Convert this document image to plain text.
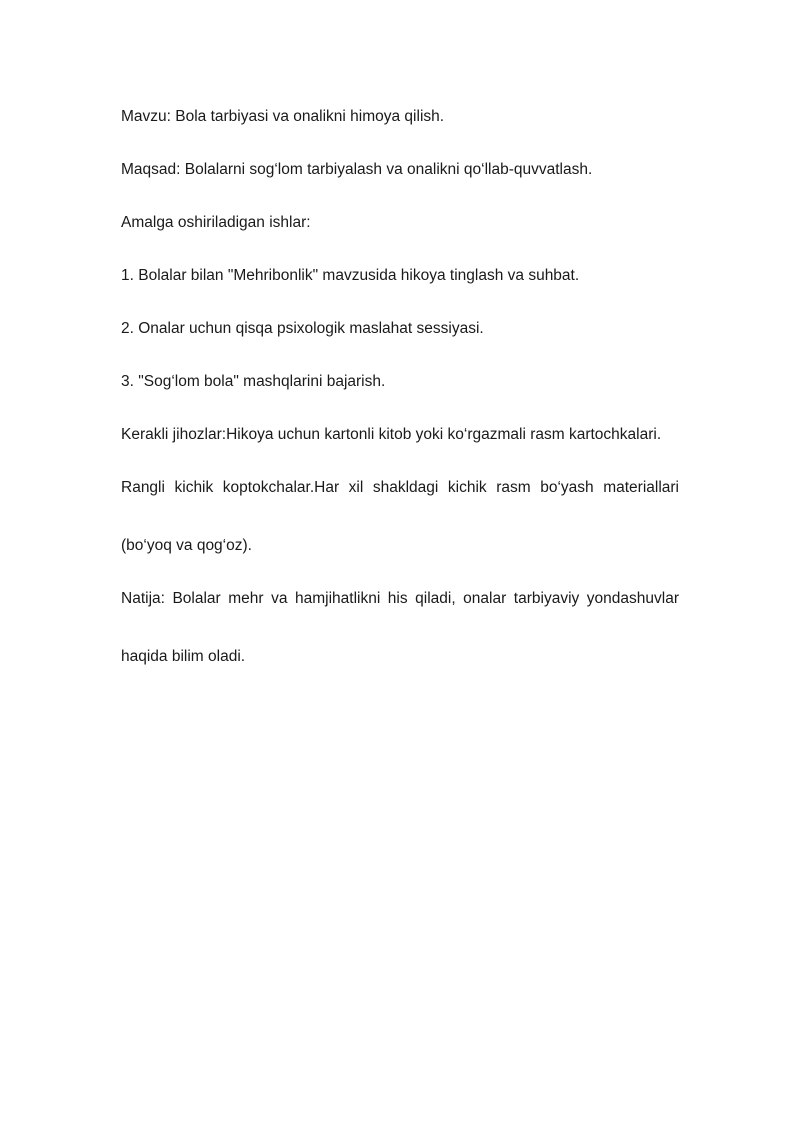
Mavzu: Bola tarbiyasi va onalikni himoya qilish.

Maqsad: Bolalarni sog‘lom tarbiyalash va onalikni qo‘llab-quvvatlash.

Amalga oshiriladigan ishlar:

1. Bolalar bilan "Mehribonlik" mavzusida hikoya tinglash va suhbat.

2. Onalar uchun qisqa psixologik maslahat sessiyasi.

3. "Sog‘lom bola" mashqlarini bajarish.

Kerakli jihozlar:Hikoya uchun kartonli kitob yoki ko‘rgazmali rasm kartochkalari.

Rangli kichik koptokchalar.Har xil shakldagi kichik rasm bo‘yash materiallari (bo‘yoq va qog‘oz).

Natija: Bolalar mehr va hamjihatlikni his qiladi, onalar tarbiyaviy yondashuvlar haqida bilim oladi.
